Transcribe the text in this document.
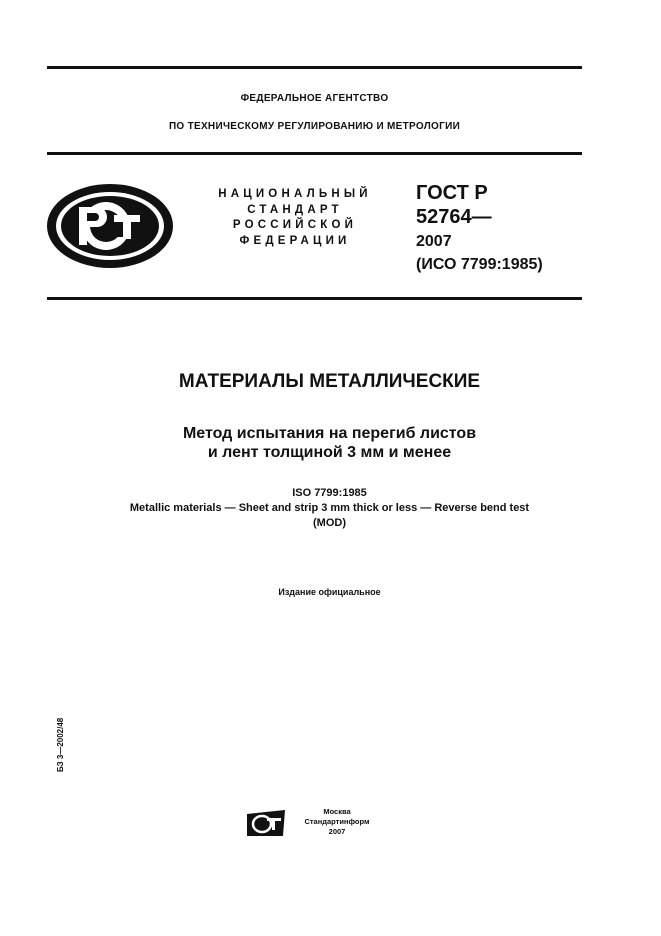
ФЕДЕРАЛЬНОЕ АГЕНТСТВО
ПО ТЕХНИЧЕСКОМУ РЕГУЛИРОВАНИЮ И МЕТРОЛОГИИ
НАЦИОНАЛЬНЫЙ
СТАНДАРТ
РОССИЙСКОЙ
ФЕДЕРАЦИИ
ГОСТ Р
52764—
2007
(ИСО 7799:1985)
МАТЕРИАЛЫ МЕТАЛЛИЧЕСКИЕ
Метод испытания на перегиб листов
и лент толщиной 3 мм и менее
ISO 7799:1985
Metallic materials — Sheet and strip 3 mm thick or less — Reverse bend test
(MOD)
Издание официальное
БЗ 3—2002/48
Москва
Стандартинформ
2007
